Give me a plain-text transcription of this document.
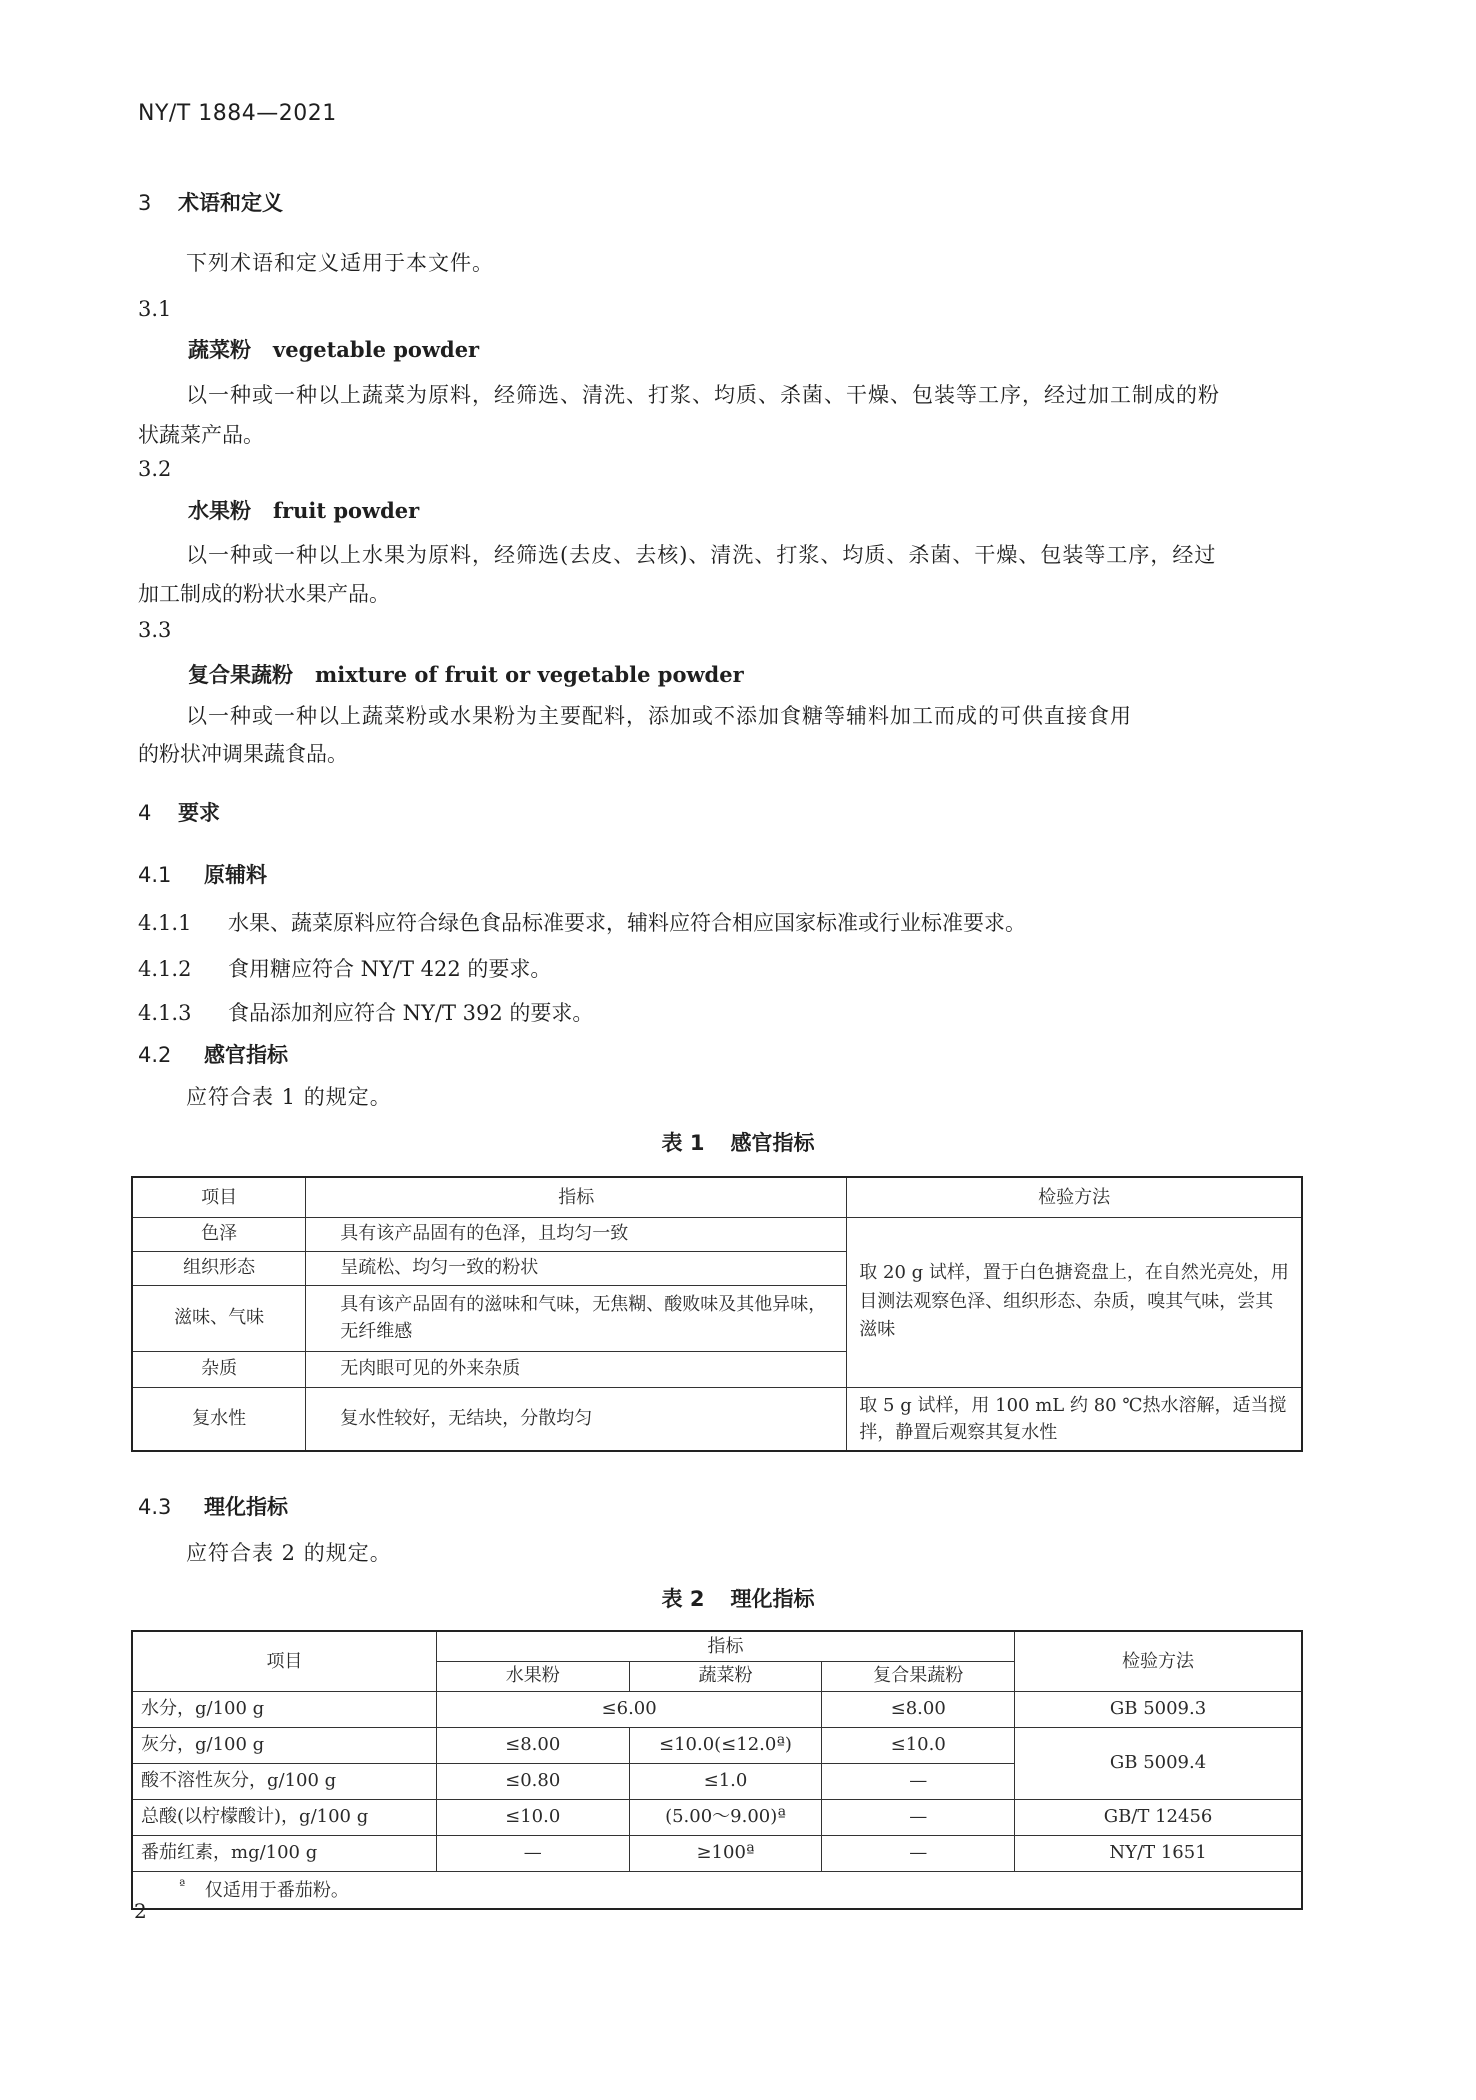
NY/T 1884—2021
3 术语和定义
下列术语和定义适用于本文件。
3.1
蔬菜粉 vegetable powder
以一种或一种以上蔬菜为原料，经筛选、清洗、打浆、均质、杀菌、干燥、包装等工序，经过加工制成的粉
状蔬菜产品。
3.2
水果粉 fruit powder
以一种或一种以上水果为原料，经筛选(去皮、去核)、清洗、打浆、均质、杀菌、干燥、包装等工序，经过
加工制成的粉状水果产品。
3.3
复合果蔬粉 mixture of fruit or vegetable powder
以一种或一种以上蔬菜粉或水果粉为主要配料，添加或不添加食糖等辅料加工而成的可供直接食用
的粉状冲调果蔬食品。
4 要求
4.1 原辅料
4.1.1 水果、蔬菜原料应符合绿色食品标准要求，辅料应符合相应国家标准或行业标准要求。
4.1.2 食用糖应符合 NY/T 422 的要求。
4.1.3 食品添加剂应符合 NY/T 392 的要求。
4.2 感官指标
应符合表 1 的规定。
表 1 感官指标
项目	指标	检验方法
色泽	具有该产品固有的色泽，且均匀一致	取 20 g 试样，置于白色搪瓷盘上，在自然光亮处，用目测法观察色泽、组织形态、杂质，嗅其气味，尝其滋味
组织形态	呈疏松、均匀一致的粉状	
滋味、气味	具有该产品固有的滋味和气味，无焦糊、酸败味及其他异味，无纤维感	
杂质	无肉眼可见的外来杂质	
复水性	复水性较好，无结块，分散均匀	取 5 g 试样，用 100 mL 约 80 ℃热水溶解，适当搅拌，静置后观察其复水性
4.3 理化指标
应符合表 2 的规定。
表 2 理化指标
项目	指标			检验方法
	水果粉	蔬菜粉	复合果蔬粉	
水分，g/100 g	≤6.00		≤8.00	GB 5009.3
灰分，g/100 g	≤8.00	≤10.0(≤12.0ª)	≤10.0	GB 5009.4
酸不溶性灰分，g/100 g	≤0.80	≤1.0	—	
总酸(以柠檬酸计)，g/100 g	≤10.0	(5.00～9.00)ª	—	GB/T 12456
番茄红素，mg/100 g	—	≥100ª	—	NY/T 1651
$^ª$ 仅适用于番茄粉。				
2
